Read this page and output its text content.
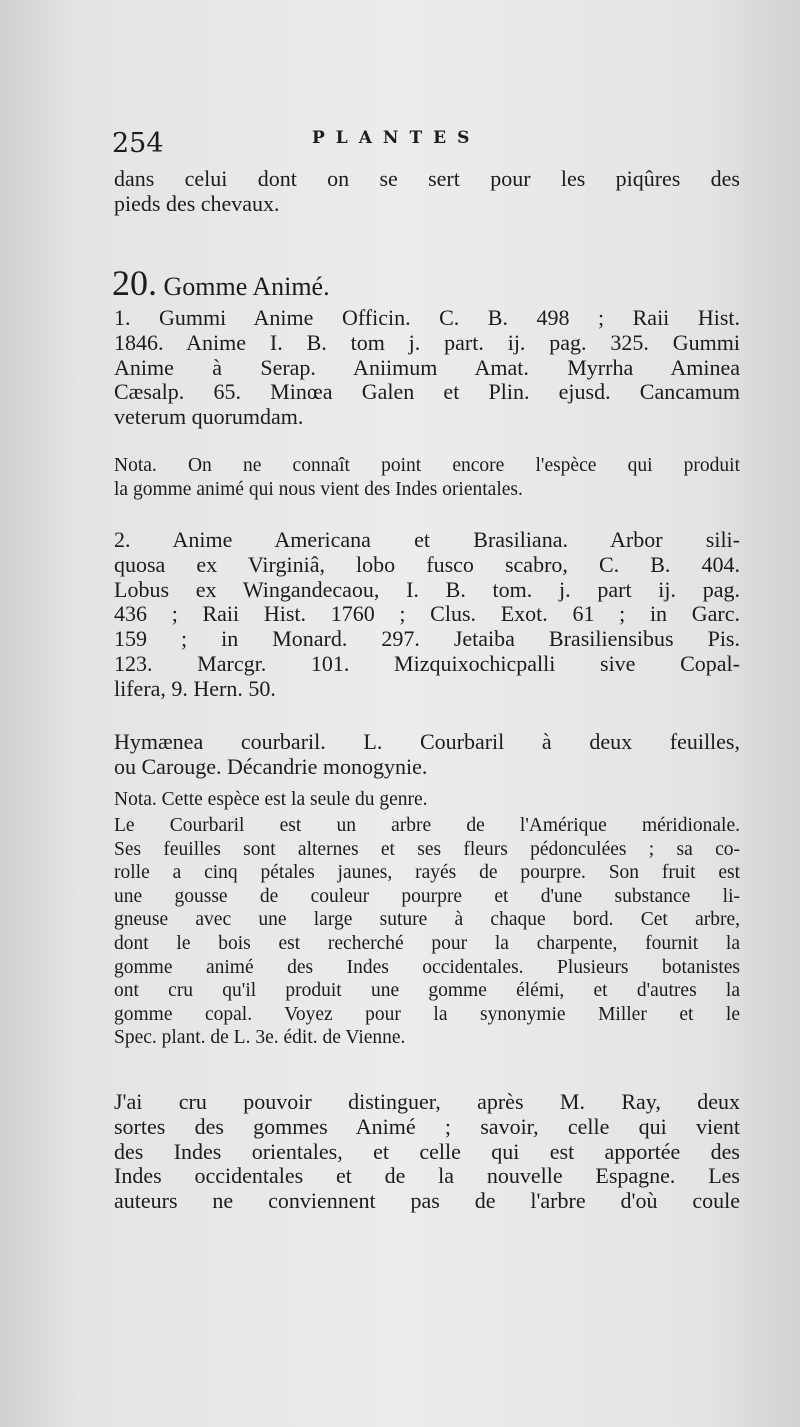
254	PLANTES
dans celui dont on se sert pour les piqûres des
pieds des chevaux.
20. Gomme Animé.
1. Gummi Anime Officin. C. B. 498 ; Raii Hist.
1846. Anime I. B. tom j. part. ij. pag. 325. Gummi
Anime à Serap. Aniimum Amat. Myrrha Aminea
Cæsalp. 65. Minœa Galen et Plin. ejusd. Cancamum
veterum quorumdam.
Nota. On ne connaît point encore l'espèce qui produit
la gomme animé qui nous vient des Indes orientales.
2. Anime Americana et Brasiliana. Arbor sili-
quosa ex Virginiâ, lobo fusco scabro, C. B. 404.
Lobus ex Wingandecaou, I. B. tom. j. part ij. pag.
436 ; Raii Hist. 1760 ; Clus. Exot. 61 ; in Garc.
159 ; in Monard. 297. Jetaiba Brasiliensibus Pis.
123. Marcgr. 101. Mizquixochicpalli sive Copal-
lifera, 9. Hern. 50.
Hymænea courbaril. L. Courbaril à deux feuilles,
ou Carouge. Décandrie monogynie.
Nota. Cette espèce est la seule du genre.
Le Courbaril est un arbre de l'Amérique méridionale.
Ses feuilles sont alternes et ses fleurs pédonculées ; sa co-
rolle a cinq pétales jaunes, rayés de pourpre. Son fruit est
une gousse de couleur pourpre et d'une substance li-
gneuse avec une large suture à chaque bord. Cet arbre,
dont le bois est recherché pour la charpente, fournit la
gomme animé des Indes occidentales. Plusieurs botanistes
ont cru qu'il produit une gomme élémi, et d'autres la
gomme copal. Voyez pour la synonymie Miller et le
Spec. plant. de L. 3e. édit. de Vienne.
J'ai cru pouvoir distinguer, après M. Ray, deux
sortes des gommes Animé ; savoir, celle qui vient
des Indes orientales, et celle qui est apportée des
Indes occidentales et de la nouvelle Espagne. Les
auteurs ne conviennent pas de l'arbre d'où coule
